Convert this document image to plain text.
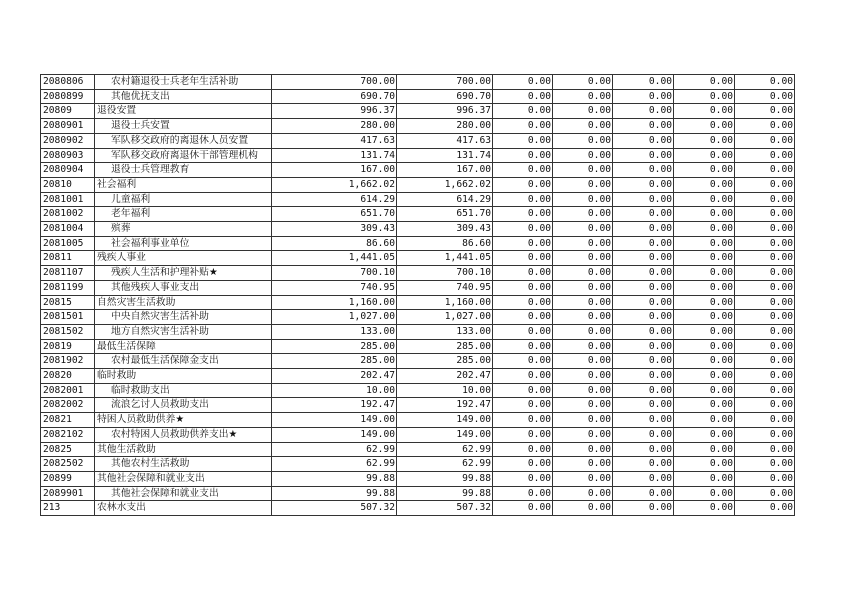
2080806	农村籍退役士兵老年生活补助	700.00	700.00	0.00	0.00	0.00	0.00	0.00
2080899	其他优抚支出	690.70	690.70	0.00	0.00	0.00	0.00	0.00
20809	退役安置	996.37	996.37	0.00	0.00	0.00	0.00	0.00
2080901	退役士兵安置	280.00	280.00	0.00	0.00	0.00	0.00	0.00
2080902	军队移交政府的离退休人员安置	417.63	417.63	0.00	0.00	0.00	0.00	0.00
2080903	军队移交政府离退休干部管理机构	131.74	131.74	0.00	0.00	0.00	0.00	0.00
2080904	退役士兵管理教育	167.00	167.00	0.00	0.00	0.00	0.00	0.00
20810	社会福利	1,662.02	1,662.02	0.00	0.00	0.00	0.00	0.00
2081001	儿童福利	614.29	614.29	0.00	0.00	0.00	0.00	0.00
2081002	老年福利	651.70	651.70	0.00	0.00	0.00	0.00	0.00
2081004	殡葬	309.43	309.43	0.00	0.00	0.00	0.00	0.00
2081005	社会福利事业单位	86.60	86.60	0.00	0.00	0.00	0.00	0.00
20811	残疾人事业	1,441.05	1,441.05	0.00	0.00	0.00	0.00	0.00
2081107	残疾人生活和护理补贴★	700.10	700.10	0.00	0.00	0.00	0.00	0.00
2081199	其他残疾人事业支出	740.95	740.95	0.00	0.00	0.00	0.00	0.00
20815	自然灾害生活救助	1,160.00	1,160.00	0.00	0.00	0.00	0.00	0.00
2081501	中央自然灾害生活补助	1,027.00	1,027.00	0.00	0.00	0.00	0.00	0.00
2081502	地方自然灾害生活补助	133.00	133.00	0.00	0.00	0.00	0.00	0.00
20819	最低生活保障	285.00	285.00	0.00	0.00	0.00	0.00	0.00
2081902	农村最低生活保障金支出	285.00	285.00	0.00	0.00	0.00	0.00	0.00
20820	临时救助	202.47	202.47	0.00	0.00	0.00	0.00	0.00
2082001	临时救助支出	10.00	10.00	0.00	0.00	0.00	0.00	0.00
2082002	流浪乞讨人员救助支出	192.47	192.47	0.00	0.00	0.00	0.00	0.00
20821	特困人员救助供养★	149.00	149.00	0.00	0.00	0.00	0.00	0.00
2082102	农村特困人员救助供养支出★	149.00	149.00	0.00	0.00	0.00	0.00	0.00
20825	其他生活救助	62.99	62.99	0.00	0.00	0.00	0.00	0.00
2082502	其他农村生活救助	62.99	62.99	0.00	0.00	0.00	0.00	0.00
20899	其他社会保障和就业支出	99.88	99.88	0.00	0.00	0.00	0.00	0.00
2089901	其他社会保障和就业支出	99.88	99.88	0.00	0.00	0.00	0.00	0.00
213	农林水支出	507.32	507.32	0.00	0.00	0.00	0.00	0.00
